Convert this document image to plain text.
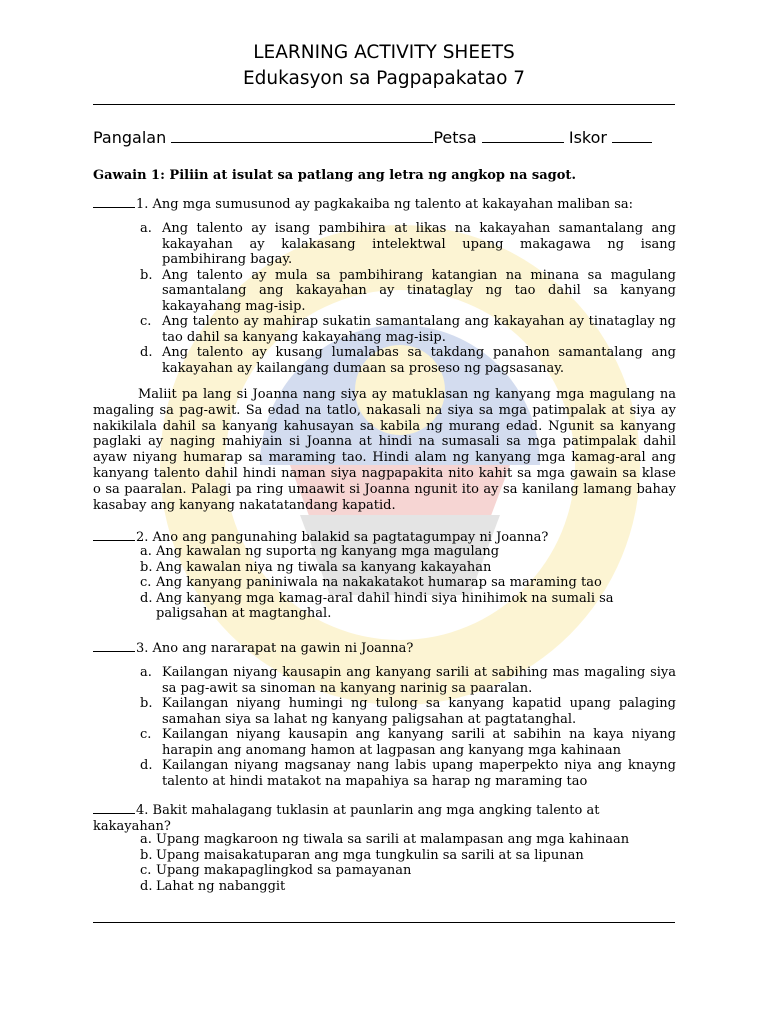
LEARNING ACTIVITY SHEETS
Edukasyon sa Pagpapakatao 7
Pangalan	Petsa	Iskor
Gawain 1: Piliin at isulat sa patlang ang letra ng angkop na sagot.
1. Ang mga sumusunod ay pagkakaiba ng talento at kakayahan maliban sa:
a. Ang talento ay isang pambihira at likas na kakayahan samantalang ang kakayahan ay kalakasang intelektwal upang makagawa ng isang pambihirang bagay.
b. Ang talento ay mula sa pambihirang katangian na minana sa magulang samantalang ang kakayahan ay tinataglay ng tao dahil sa kanyang kakayahang mag-isip.
c. Ang talento ay mahirap sukatin samantalang ang kakayahan ay tinataglay ng tao dahil sa kanyang kakayahang mag-isip.
d. Ang talento ay kusang lumalabas sa takdang panahon samantalang ang kakayahan ay kailangang dumaan sa proseso ng pagsasanay.
Maliit pa lang si Joanna nang siya ay matuklasan ng kanyang mga magulang na magaling sa pag-awit. Sa edad na tatlo, nakasali na siya sa mga patimpalak at siya ay nakikilala dahil sa kanyang kahusayan sa kabila ng murang edad. Ngunit sa kanyang paglaki ay naging mahiyain si Joanna at hindi na sumasali sa mga patimpalak dahil ayaw niyang humarap sa maraming tao. Hindi alam ng kanyang mga kamag-aral ang kanyang talento dahil hindi naman siya nagpapakita nito kahit sa mga gawain sa klase o sa paaralan. Palagi pa ring umaawit si Joanna ngunit ito ay sa kanilang lamang bahay kasabay ang kanyang nakatatandang kapatid.
2. Ano ang pangunahing balakid sa pagtatagumpay ni Joanna?
a. Ang kawalan ng suporta ng kanyang mga magulang
b. Ang kawalan niya ng tiwala sa kanyang kakayahan
c. Ang kanyang paniniwala na nakakatakot humarap sa maraming tao
d. Ang kanyang mga kamag-aral dahil hindi siya hinihimok na sumali sa paligsahan at magtanghal.
3. Ano ang nararapat na gawin ni Joanna?
a. Kailangan niyang kausapin ang kanyang sarili at sabihing mas magaling siya sa pag-awit sa sinoman na kanyang narinig sa paaralan.
b. Kailangan niyang humingi ng tulong sa kanyang kapatid upang palaging samahan siya sa lahat ng kanyang paligsahan at pagtatanghal.
c. Kailangan niyang kausapin ang kanyang sarili at sabihin na kaya niyang harapin ang anomang hamon at lagpasan ang kanyang mga kahinaan
d. Kailangan niyang magsanay nang labis upang maperpekto niya ang knayng talento at hindi matakot na mapahiya sa harap ng maraming tao
4. Bakit mahalagang tuklasin at paunlarin ang mga angking talento at kakayahan?
a. Upang magkaroon ng tiwala sa sarili at malampasan ang mga kahinaan
b. Upang maisakatuparan ang mga tungkulin sa sarili at sa lipunan
c. Upang makapaglingkod sa pamayanan
d. Lahat ng nabanggit
